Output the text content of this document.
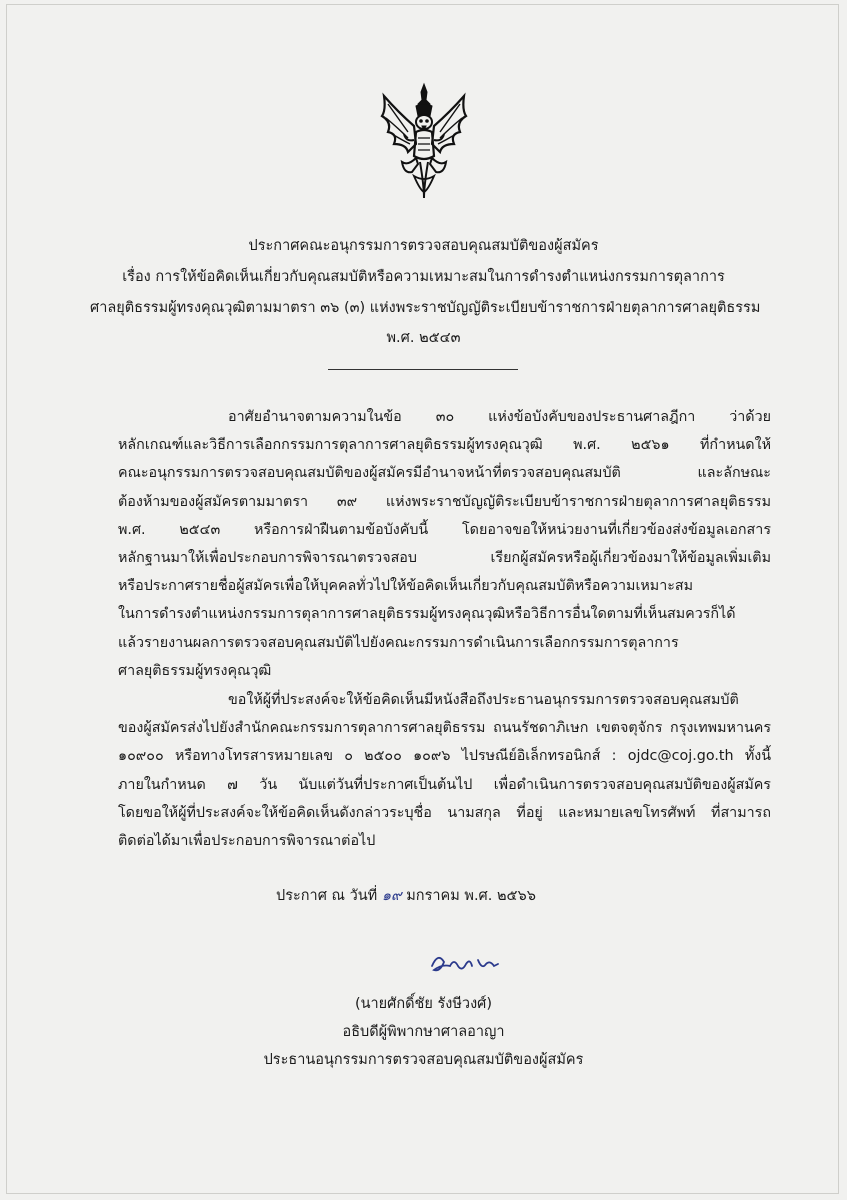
ประกาศคณะอนุกรรมการตรวจสอบคุณสมบัติของผู้สมัคร
เรื่อง การให้ข้อคิดเห็นเกี่ยวกับคุณสมบัติหรือความเหมาะสมในการดำรงตำแหน่งกรรมการตุลาการ
ศาลยุติธรรมผู้ทรงคุณวุฒิตามมาตรา ๓๖ (๓) แห่งพระราชบัญญัติระเบียบข้าราชการฝ่ายตุลาการศาลยุติธรรม
พ.ศ. ๒๕๔๓
อาศัยอำนาจตามความในข้อ ๓๐ แห่งข้อบังคับของประธานศาลฎีกา ว่าด้วย
หลักเกณฑ์และวิธีการเลือกกรรมการตุลาการศาลยุติธรรมผู้ทรงคุณวุฒิ พ.ศ. ๒๕๖๑ ที่กำหนดให้
คณะอนุกรรมการตรวจสอบคุณสมบัติของผู้สมัครมีอำนาจหน้าที่ตรวจสอบคุณสมบัติ และลักษณะ
ต้องห้ามของผู้สมัครตามมาตรา ๓๙ แห่งพระราชบัญญัติระเบียบข้าราชการฝ่ายตุลาการศาลยุติธรรม
พ.ศ. ๒๕๔๓ หรือการฝ่าฝืนตามข้อบังคับนี้ โดยอาจขอให้หน่วยงานที่เกี่ยวข้องส่งข้อมูลเอกสาร
หลักฐานมาให้เพื่อประกอบการพิจารณาตรวจสอบ เรียกผู้สมัครหรือผู้เกี่ยวข้องมาให้ข้อมูลเพิ่มเติม
หรือประกาศรายชื่อผู้สมัครเพื่อให้บุคคลทั่วไปให้ข้อคิดเห็นเกี่ยวกับคุณสมบัติหรือความเหมาะสม
ในการดำรงตำแหน่งกรรมการตุลาการศาลยุติธรรมผู้ทรงคุณวุฒิหรือวิธีการอื่นใดตามที่เห็นสมควรก็ได้
แล้วรายงานผลการตรวจสอบคุณสมบัติไปยังคณะกรรมการดำเนินการเลือกกรรมการตุลาการ
ศาลยุติธรรมผู้ทรงคุณวุฒิ
ขอให้ผู้ที่ประสงค์จะให้ข้อคิดเห็นมีหนังสือถึงประธานอนุกรรมการตรวจสอบคุณสมบัติ
ของผู้สมัครส่งไปยังสำนักคณะกรรมการตุลาการศาลยุติธรรม ถนนรัชดาภิเษก เขตจตุจักร กรุงเทพมหานคร
๑๐๙๐๐ หรือทางโทรสารหมายเลข ๐ ๒๕๐๐ ๑๐๙๖ ไปรษณีย์อิเล็กทรอนิกส์ : ojdc@coj.go.th ทั้งนี้
ภายในกำหนด ๗ วัน นับแต่วันที่ประกาศเป็นต้นไป เพื่อดำเนินการตรวจสอบคุณสมบัติของผู้สมัคร
โดยขอให้ผู้ที่ประสงค์จะให้ข้อคิดเห็นดังกล่าวระบุชื่อ นามสกุล ที่อยู่ และหมายเลขโทรศัพท์ ที่สามารถ
ติดต่อได้มาเพื่อประกอบการพิจารณาต่อไป
ประกาศ ณ วันที่ ๑๙ มกราคม พ.ศ. ๒๕๖๖
(นายศักดิ์ชัย รังษีวงศ์)
อธิบดีผู้พิพากษาศาลอาญา
ประธานอนุกรรมการตรวจสอบคุณสมบัติของผู้สมัคร
